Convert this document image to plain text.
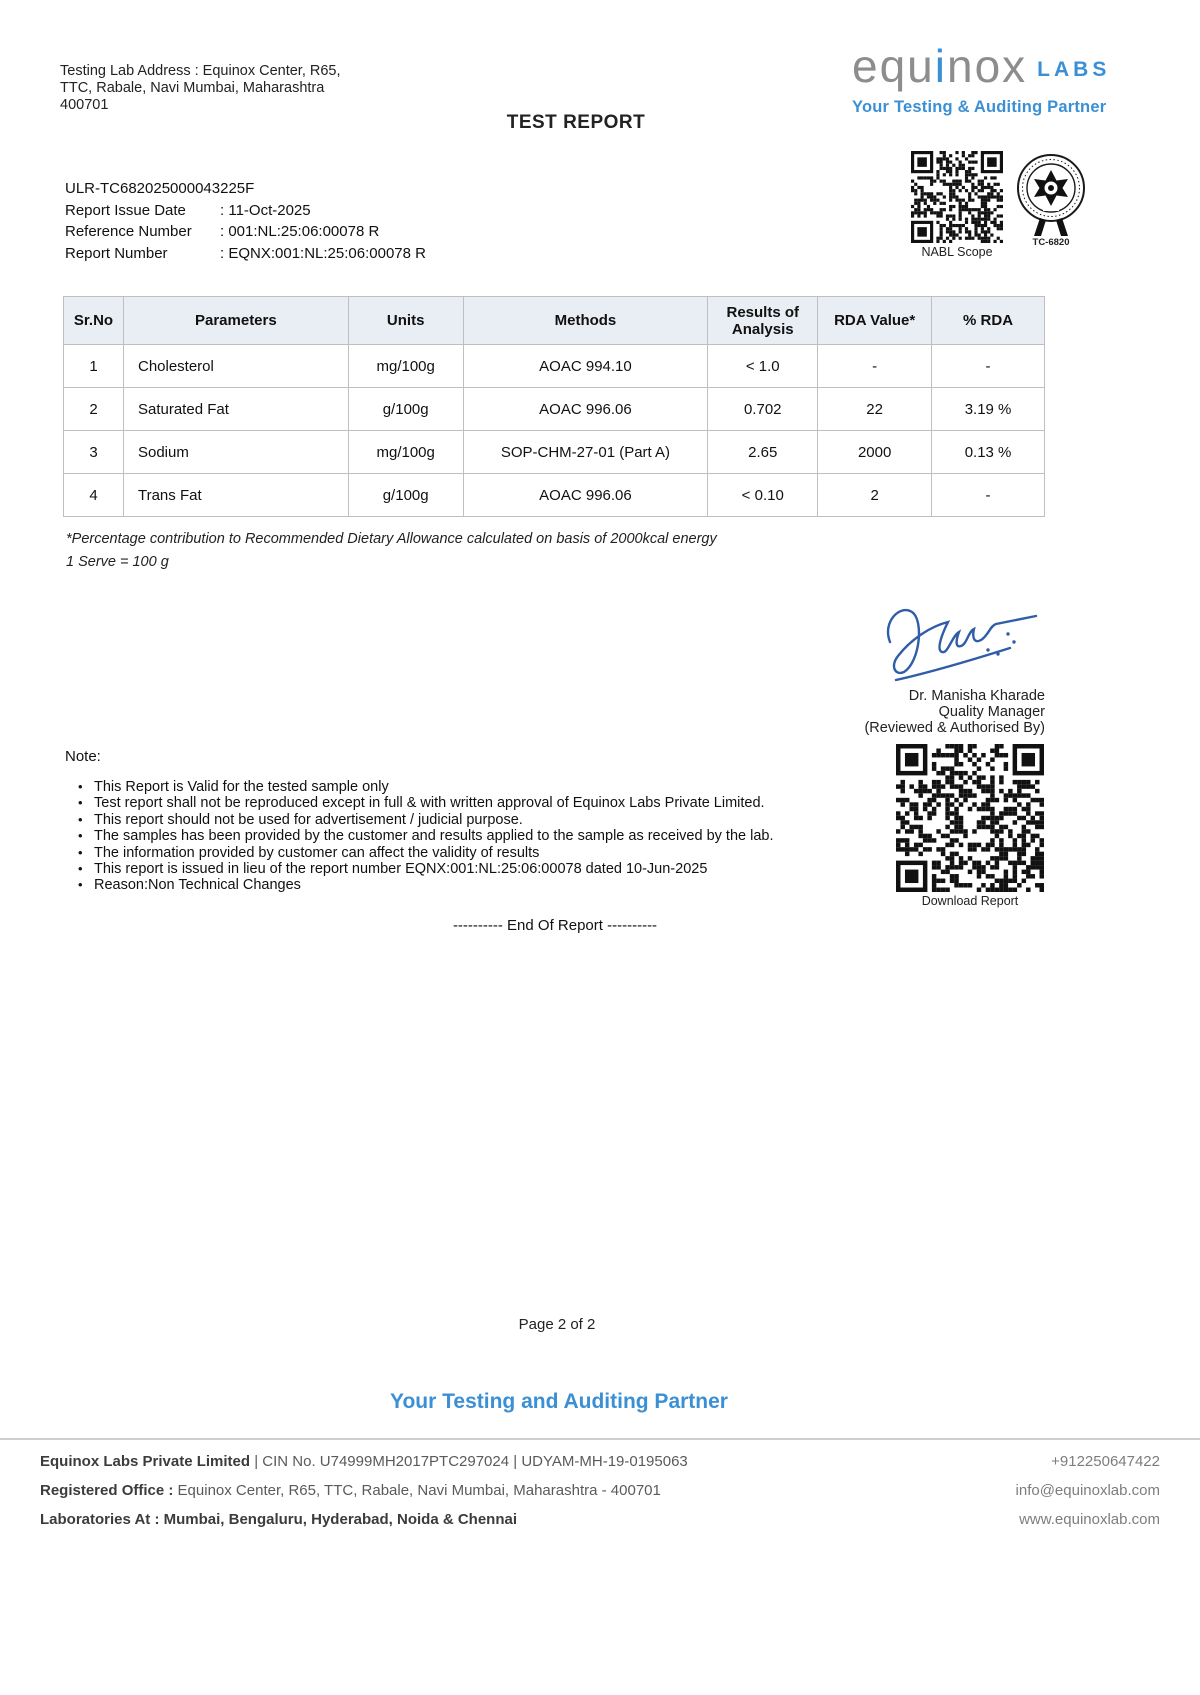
Testing Lab Address : Equinox Center, R65,
TTC, Rabale, Navi Mumbai, Maharashtra
400701
TEST REPORT
equinox LABS
Your Testing & Auditing Partner
NABL Scope
TC-6820
ULR-TC682025000043225F
Report Issue Date	: 11-Oct-2025
Reference Number	: 001:NL:25:06:00078 R
Report Number	: EQNX:001:NL:25:06:00078 R
Sr.No	Parameters	Units	Methods	Results of Analysis	RDA Value*	% RDA
1	Cholesterol	mg/100g	AOAC 994.10	< 1.0	-	-
2	Saturated Fat	g/100g	AOAC 996.06	0.702	22	3.19 %
3	Sodium	mg/100g	SOP-CHM-27-01 (Part A)	2.65	2000	0.13 %
4	Trans Fat	g/100g	AOAC 996.06	< 0.10	2	-
*Percentage contribution to Recommended Dietary Allowance calculated on basis of 2000kcal energy
1 Serve = 100 g
Dr. Manisha Kharade
Quality Manager
(Reviewed & Authorised By)
Download Report
Note:
• This Report is Valid for the tested sample only
• Test report shall not be reproduced except in full & with written approval of Equinox Labs Private Limited.
• This report should not be used for advertisement / judicial purpose.
• The samples has been provided by the customer and results applied to the sample as received by the lab.
• The information provided by customer can affect the validity of results
• This report is issued in lieu of the report number EQNX:001:NL:25:06:00078 dated 10-Jun-2025
• Reason:Non Technical Changes
---------- End Of Report ----------
Page 2 of 2
Your Testing and Auditing Partner
Equinox Labs Private Limited | CIN No. U74999MH2017PTC297024 | UDYAM-MH-19-0195063	+912250647422
Registered Office : Equinox Center, R65, TTC, Rabale, Navi Mumbai, Maharashtra - 400701	info@equinoxlab.com
Laboratories At : Mumbai, Bengaluru, Hyderabad, Noida & Chennai	www.equinoxlab.com
